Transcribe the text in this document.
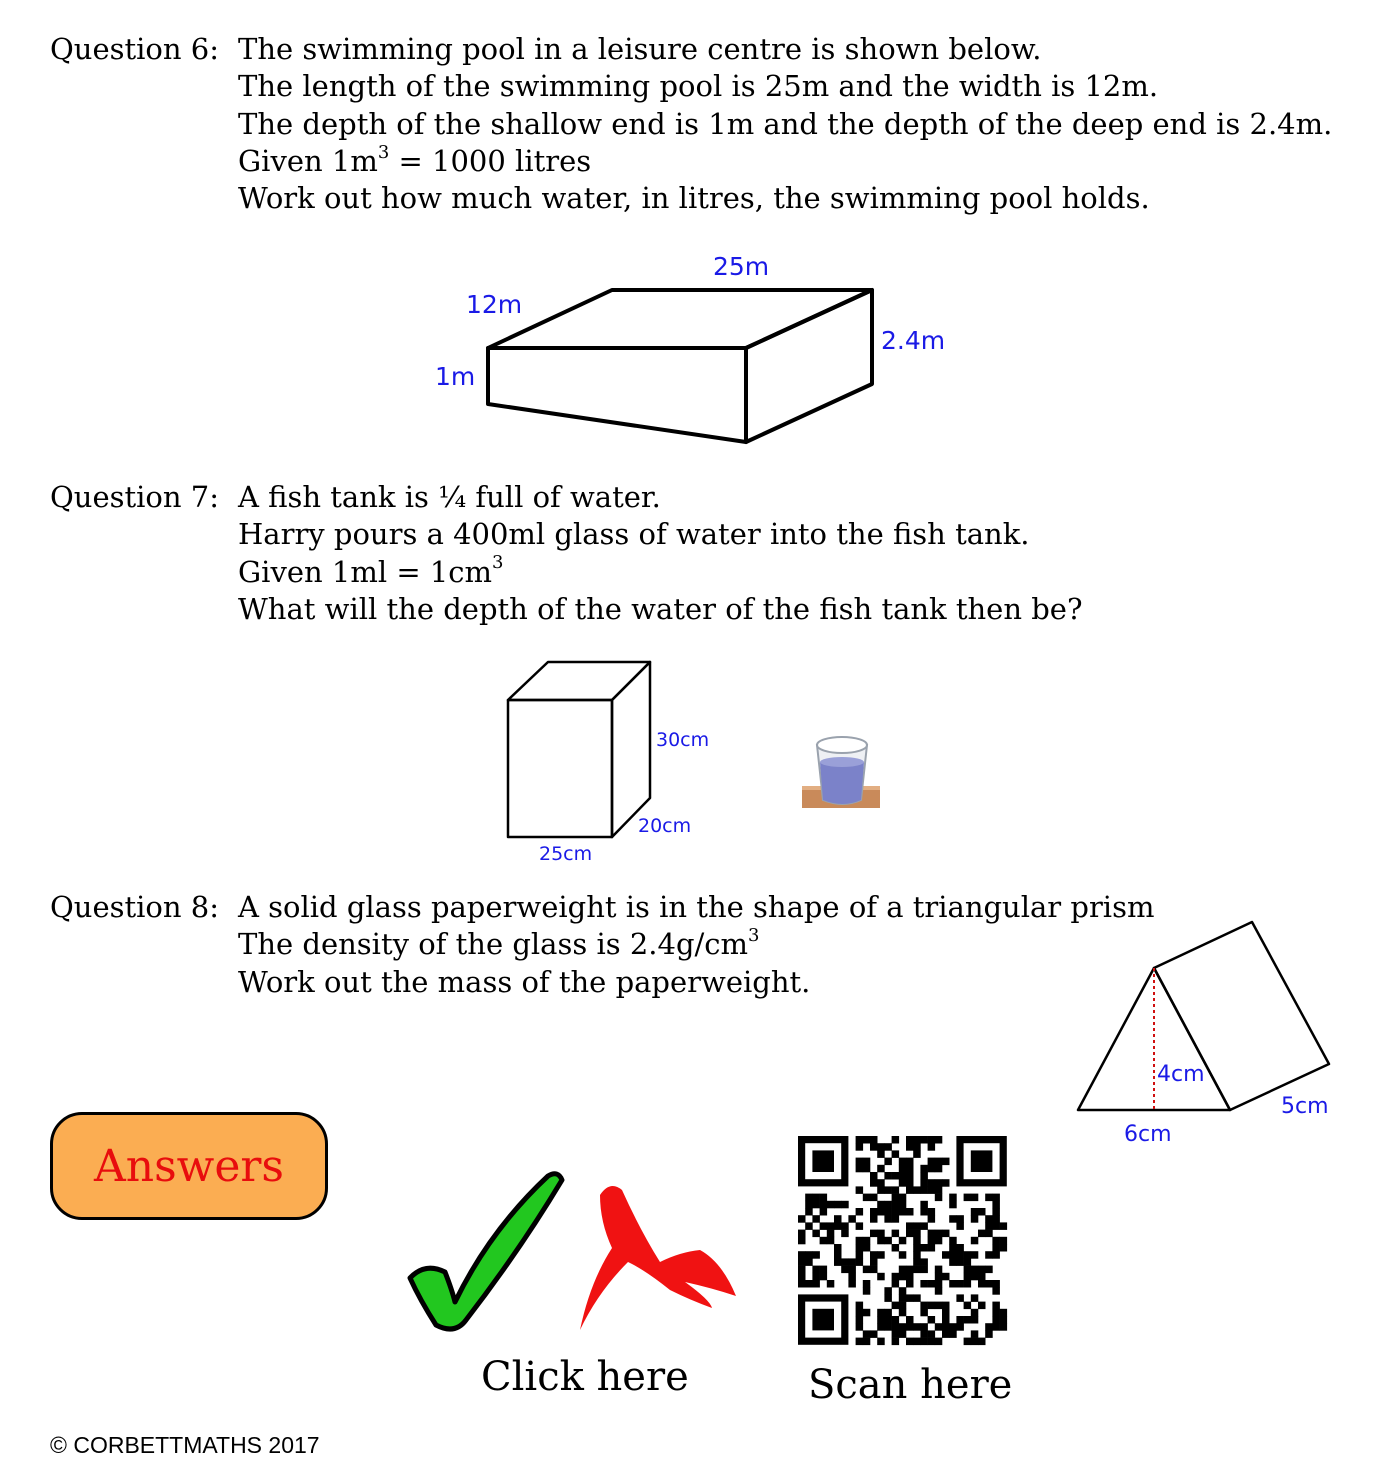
Question 6: The swimming pool in a leisure centre is shown below.
The length of the swimming pool is 25m and the width is 12m.
The depth of the shallow end is 1m and the depth of the deep end is 2.4m.
Given $1m^3 = 1000$ litres
Work out how much water, in litres, the swimming pool holds.
25m
12m
1m
2.4m
Question 7: A fish tank is ¼ full of water.
Harry pours a 400ml glass of water into the fish tank.
Given $1ml = 1cm^3$
What will the depth of the water of the fish tank then be?
30cm
20cm
25cm
Question 8: A solid glass paperweight is in the shape of a triangular prism
The density of the glass is $2.4g/cm^3$
Work out the mass of the paperweight.
4cm
6cm
5cm
Answers
Click here	Scan here
© CORBETTMATHS 2017
